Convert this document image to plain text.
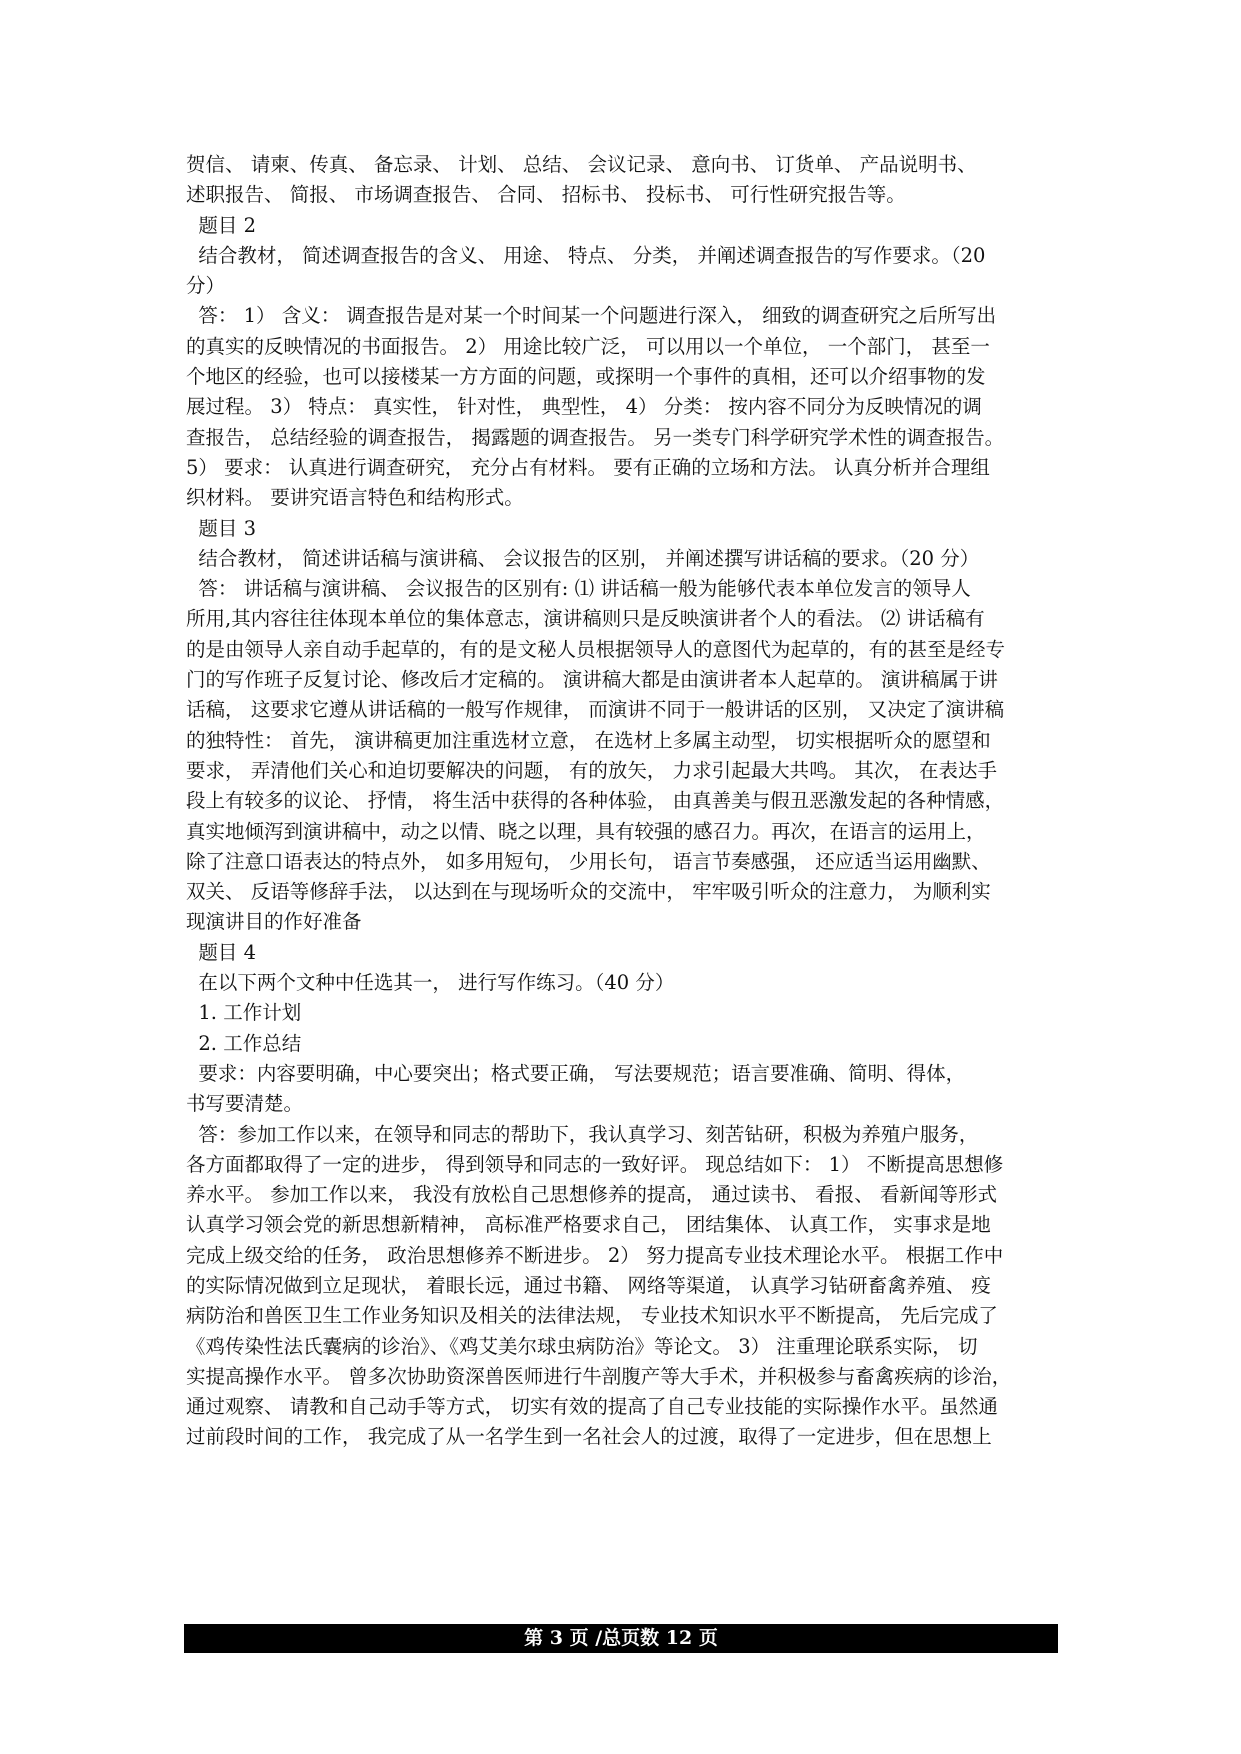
贺信、 请柬、传真、 备忘录、 计划、 总结、 会议记录、 意向书、 订货单、 产品说明书、
述职报告、 简报、 市场调查报告、 合同、 招标书、 投标书、 可行性研究报告等。
题目 2
结合教材， 简述调查报告的含义、 用途、 特点、 分类， 并阐述调查报告的写作要求。（20
分）
答： 1） 含义： 调查报告是对某一个时间某一个问题进行深入， 细致的调查研究之后所写出
的真实的反映情况的书面报告。 2） 用途比较广泛， 可以用以一个单位， 一个部门， 甚至一
个地区的经验，也可以接楼某一方方面的问题，或探明一个事件的真相，还可以介绍事物的发
展过程。 3） 特点： 真实性， 针对性， 典型性， 4） 分类： 按内容不同分为反映情况的调
查报告， 总结经验的调查报告， 揭露题的调查报告。 另一类专门科学研究学术性的调查报告。
5） 要求： 认真进行调查研究， 充分占有材料。 要有正确的立场和方法。 认真分析并合理组
织材料。 要讲究语言特色和结构形式。
题目 3
结合教材， 简述讲话稿与演讲稿、 会议报告的区别， 并阐述撰写讲话稿的要求。（20 分）
答： 讲话稿与演讲稿、 会议报告的区别有: ⑴ 讲话稿一般为能够代表本单位发言的领导人
所用,其内容往往体现本单位的集体意志，演讲稿则只是反映演讲者个人的看法。 ⑵ 讲话稿有
的是由领导人亲自动手起草的，有的是文秘人员根据领导人的意图代为起草的，有的甚至是经专
门的写作班子反复讨论、修改后才定稿的。 演讲稿大都是由演讲者本人起草的。 演讲稿属于讲
话稿， 这要求它遵从讲话稿的一般写作规律， 而演讲不同于一般讲话的区别， 又决定了演讲稿
的独特性： 首先， 演讲稿更加注重选材立意， 在选材上多属主动型， 切实根据听众的愿望和
要求， 弄清他们关心和迫切要解决的问题， 有的放矢， 力求引起最大共鸣。 其次， 在表达手
段上有较多的议论、 抒情， 将生活中获得的各种体验， 由真善美与假丑恶激发起的各种情感，
真实地倾泻到演讲稿中，动之以情、晓之以理，具有较强的感召力。再次，在语言的运用上，
除了注意口语表达的特点外， 如多用短句， 少用长句， 语言节奏感强， 还应适当运用幽默、
双关、 反语等修辞手法， 以达到在与现场听众的交流中， 牢牢吸引听众的注意力， 为顺利实
现演讲目的作好准备
题目 4
在以下两个文种中任选其一， 进行写作练习。（40 分）
1. 工作计划
2. 工作总结
要求：内容要明确，中心要突出；格式要正确， 写法要规范；语言要准确、简明、得体，
书写要清楚。
答：参加工作以来，在领导和同志的帮助下，我认真学习、刻苦钻研，积极为养殖户服务，
各方面都取得了一定的进步， 得到领导和同志的一致好评。 现总结如下： 1） 不断提高思想修
养水平。 参加工作以来， 我没有放松自己思想修养的提高， 通过读书、 看报、 看新闻等形式
认真学习领会党的新思想新精神， 高标准严格要求自己， 团结集体、 认真工作， 实事求是地
完成上级交给的任务， 政治思想修养不断进步。 2） 努力提高专业技术理论水平。 根据工作中
的实际情况做到立足现状， 着眼长远，通过书籍、 网络等渠道， 认真学习钻研畜禽养殖、 疫
病防治和兽医卫生工作业务知识及相关的法律法规， 专业技术知识水平不断提高， 先后完成了
《鸡传染性法氏囊病的诊治》、《鸡艾美尔球虫病防治》等论文。 3） 注重理论联系实际， 切
实提高操作水平。 曾多次协助资深兽医师进行牛剖腹产等大手术，并积极参与畜禽疾病的诊治，
通过观察、 请教和自己动手等方式， 切实有效的提高了自己专业技能的实际操作水平。虽然通
过前段时间的工作， 我完成了从一名学生到一名社会人的过渡，取得了一定进步，但在思想上
第 3 页 /总页数 12 页
